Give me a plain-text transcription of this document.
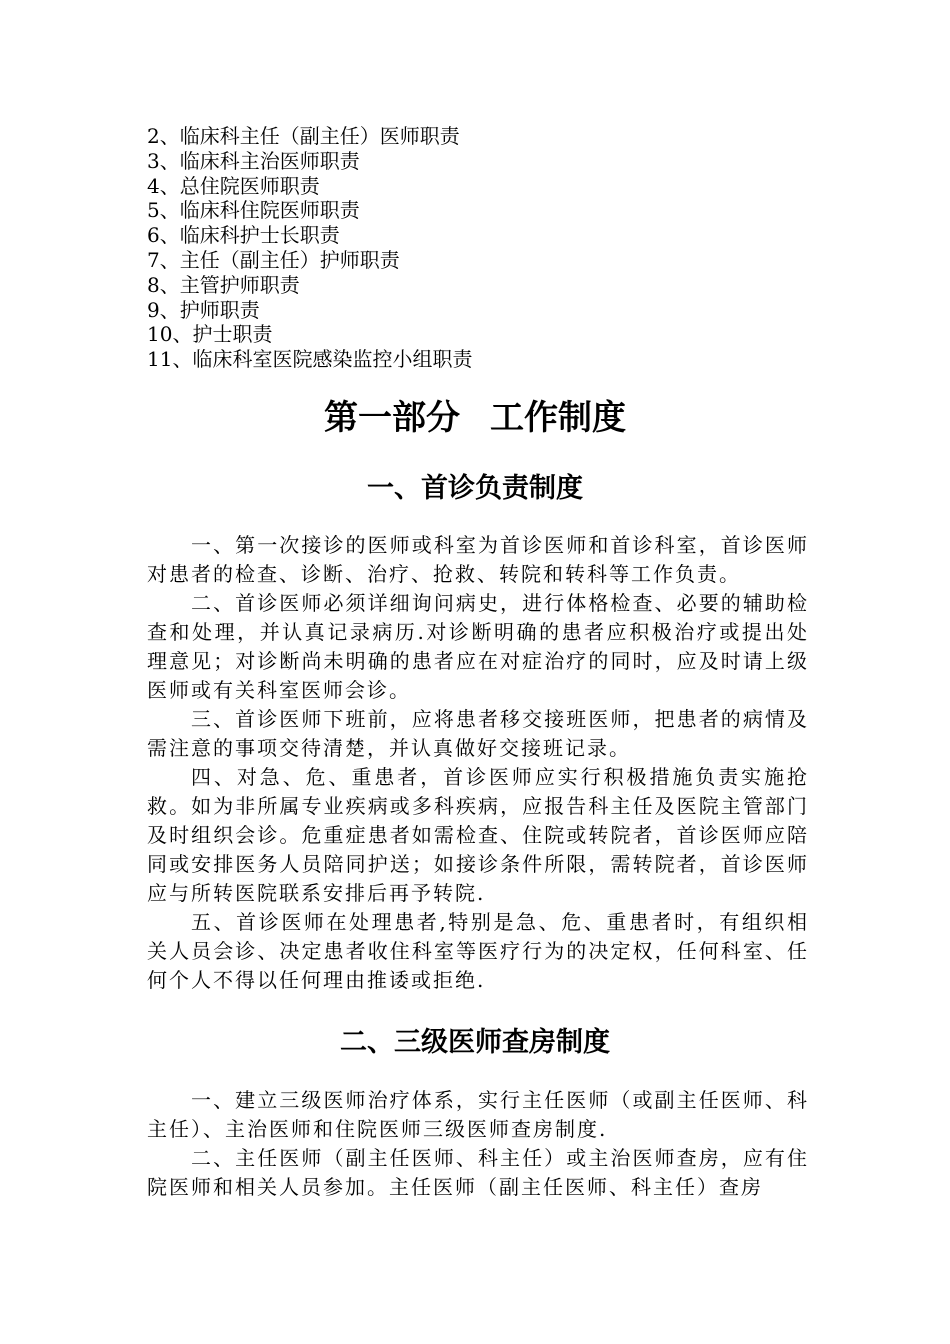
2、临床科主任（副主任）医师职责
3、临床科主治医师职责
4、总住院医师职责
5、临床科住院医师职责
6、临床科护士长职责
7、主任（副主任）护师职责
8、主管护师职责
9、护师职责
10、护士职责
11、临床科室医院感染监控小组职责
第一部分 工作制度
一、首诊负责制度

一、第一次接诊的医师或科室为首诊医师和首诊科室，首诊医师对患者的检查、诊断、治疗、抢救、转院和转科等工作负责。

二、首诊医师必须详细询问病史，进行体格检查、必要的辅助检查和处理，并认真记录病历.对诊断明确的患者应积极治疗或提出处理意见；对诊断尚未明确的患者应在对症治疗的同时，应及时请上级医师或有关科室医师会诊。

三、首诊医师下班前，应将患者移交接班医师，把患者的病情及需注意的事项交待清楚，并认真做好交接班记录。

四、对急、危、重患者，首诊医师应实行积极措施负责实施抢救。如为非所属专业疾病或多科疾病，应报告科主任及医院主管部门及时组织会诊。危重症患者如需检查、住院或转院者，首诊医师应陪同或安排医务人员陪同护送；如接诊条件所限，需转院者，首诊医师应与所转医院联系安排后再予转院.

五、首诊医师在处理患者,特别是急、危、重患者时，有组织相关人员会诊、决定患者收住科室等医疗行为的决定权，任何科室、任何个人不得以任何理由推诿或拒绝.

二、三级医师查房制度

一、建立三级医师治疗体系，实行主任医师（或副主任医师、科主任）、主治医师和住院医师三级医师查房制度.

二、主任医师（副主任医师、科主任）或主治医师查房，应有住院医师和相关人员参加。主任医师（副主任医师、科主任）查房
